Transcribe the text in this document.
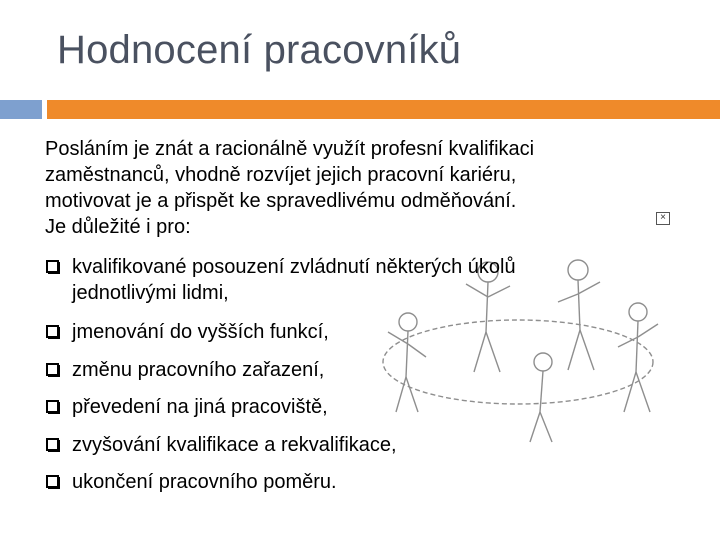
Hodnocení pracovníků
×

Posláním je znát a racionálně využít profesní kvalifikaci

zaměstnanců, vhodně rozvíjet jejich pracovní kariéru,

motivovat je a přispět ke spravedlivému odměňování.

Je důležité i pro:

kvalifikované posouzení zvládnutí některých úkolů
jednotlivými lidmi,
jmenování do vyšších funkcí,
změnu pracovního zařazení,
převedení na jiná pracoviště,
zvyšování kvalifikace a rekvalifikace,
ukončení pracovního poměru.
